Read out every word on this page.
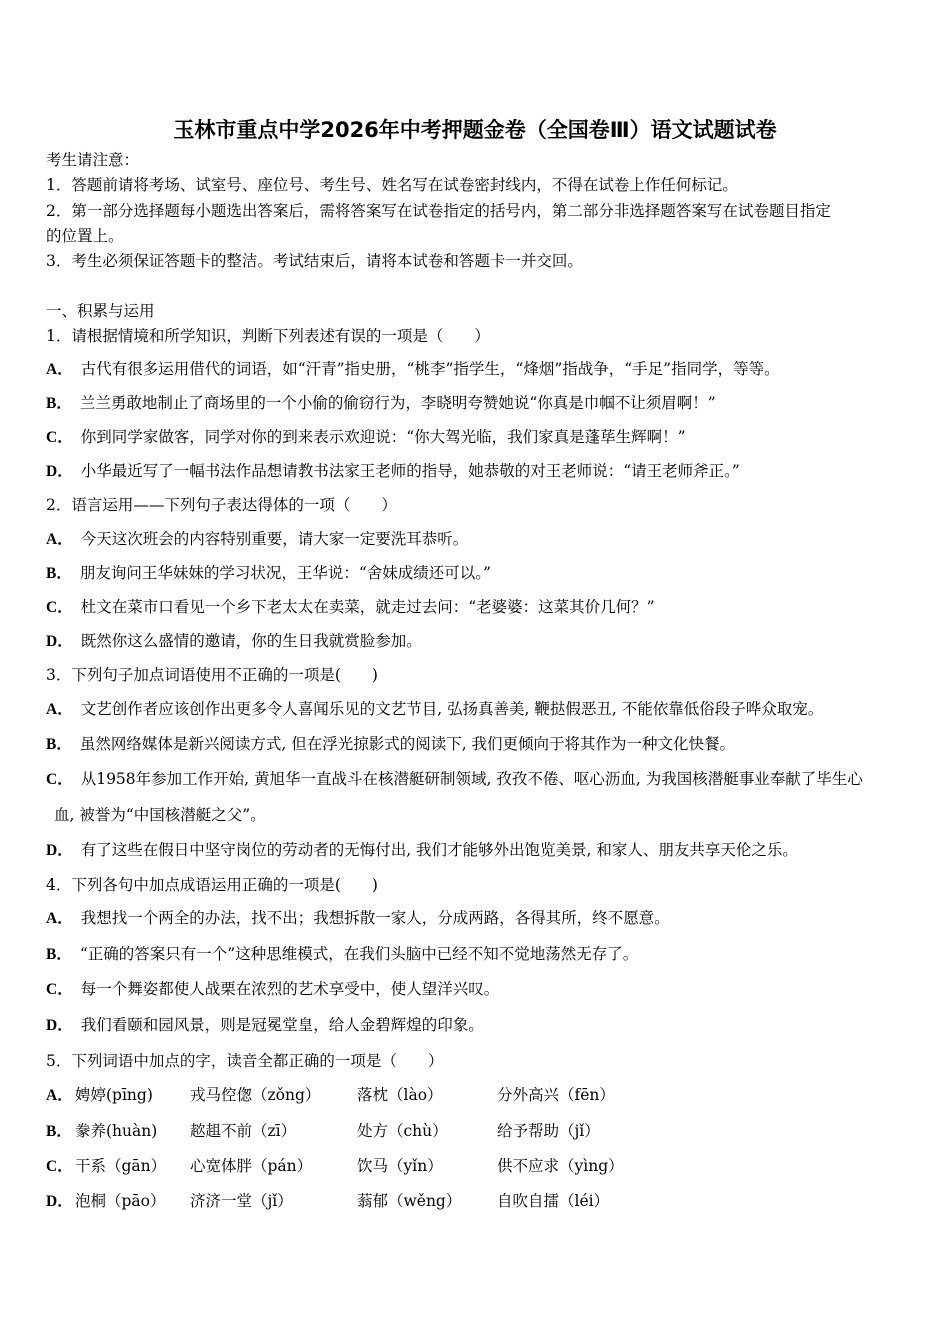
玉林市重点中学2026年中考押题金卷（全国卷Ⅲ）语文试题试卷
考生请注意：
1．答题前请将考场、试室号、座位号、考生号、姓名写在试卷密封线内，不得在试卷上作任何标记。
2．第一部分选择题每小题选出答案后，需将答案写在试卷指定的括号内，第二部分非选择题答案写在试卷题目指定
的位置上。
3．考生必须保证答题卡的整洁。考试结束后，请将本试卷和答题卡一并交回。
一、积累与运用
1．请根据情境和所学知识，判断下列表述有误的一项是（　　）
A． 古代有很多运用借代的词语，如“汗青”指史册，“桃李”指学生，“烽烟”指战争，“手足”指同学，等等。
B． 兰兰勇敢地制止了商场里的一个小偷的偷窃行为，李晓明夸赞她说“你真是巾帼不让须眉啊！”
C． 你到同学家做客，同学对你的到来表示欢迎说：“你大驾光临，我们家真是蓬荜生辉啊！”
D． 小华最近写了一幅书法作品想请教书法家王老师的指导，她恭敬的对王老师说：“请王老师斧正。”
2．语言运用——下列句子表达得体的一项（　　）
A． 今天这次班会的内容特别重要，请大家一定要洗耳恭听。
B． 朋友询问王华妹妹的学习状况，王华说：“舍妹成绩还可以。”
C． 杜文在菜市口看见一个乡下老太太在卖菜，就走过去问：“老婆婆：这菜其价几何？”
D． 既然你这么盛情的邀请，你的生日我就赏脸参加。
3．下列句子加点词语使用不正确的一项是(　　)
A． 文艺创作者应该创作出更多令人喜闻乐见的文艺节目, 弘扬真善美, 鞭挞假恶丑, 不能依靠低俗段子哗众取宠。
B． 虽然网络媒体是新兴阅读方式, 但在浮光掠影式的阅读下, 我们更倾向于将其作为一种文化快餐。
C． 从1958年参加工作开始, 黄旭华一直战斗在核潜艇研制领域, 孜孜不倦、呕心沥血, 为我国核潜艇事业奉献了毕生心
血, 被誉为“中国核潜艇之父”。
D． 有了这些在假日中坚守岗位的劳动者的无悔付出, 我们才能够外出饱览美景, 和家人、朋友共享天伦之乐。
4．下列各句中加点成语运用正确的一项是(　　)
A． 我想找一个两全的办法，找不出；我想拆散一家人，分成两路，各得其所，终不愿意。
B． “正确的答案只有一个”这种思维模式，在我们头脑中已经不知不觉地荡然无存了。
C． 每一个舞姿都使人战栗在浓烈的艺术享受中，使人望洋兴叹。
D． 我们看颐和园风景，则是冠冕堂皇，给人金碧辉煌的印象。
5．下列词语中加点的字，读音全都正确的一项是（　　）
A． 娉婷(pīng) 戎马倥偬（zǒng） 落枕（lào）	分外高兴（fēn）
B． 豢养(huàn) 趑趄不前（zī）	处方（chù）	给予帮助（jǐ）
C． 干系（gān） 心宽体胖（pán）	饮马（yǐn）	供不应求（yìng）
D． 泡桐（pāo） 济济一堂（jǐ）	蓊郁（wěng） 自吹自擂（léi）
